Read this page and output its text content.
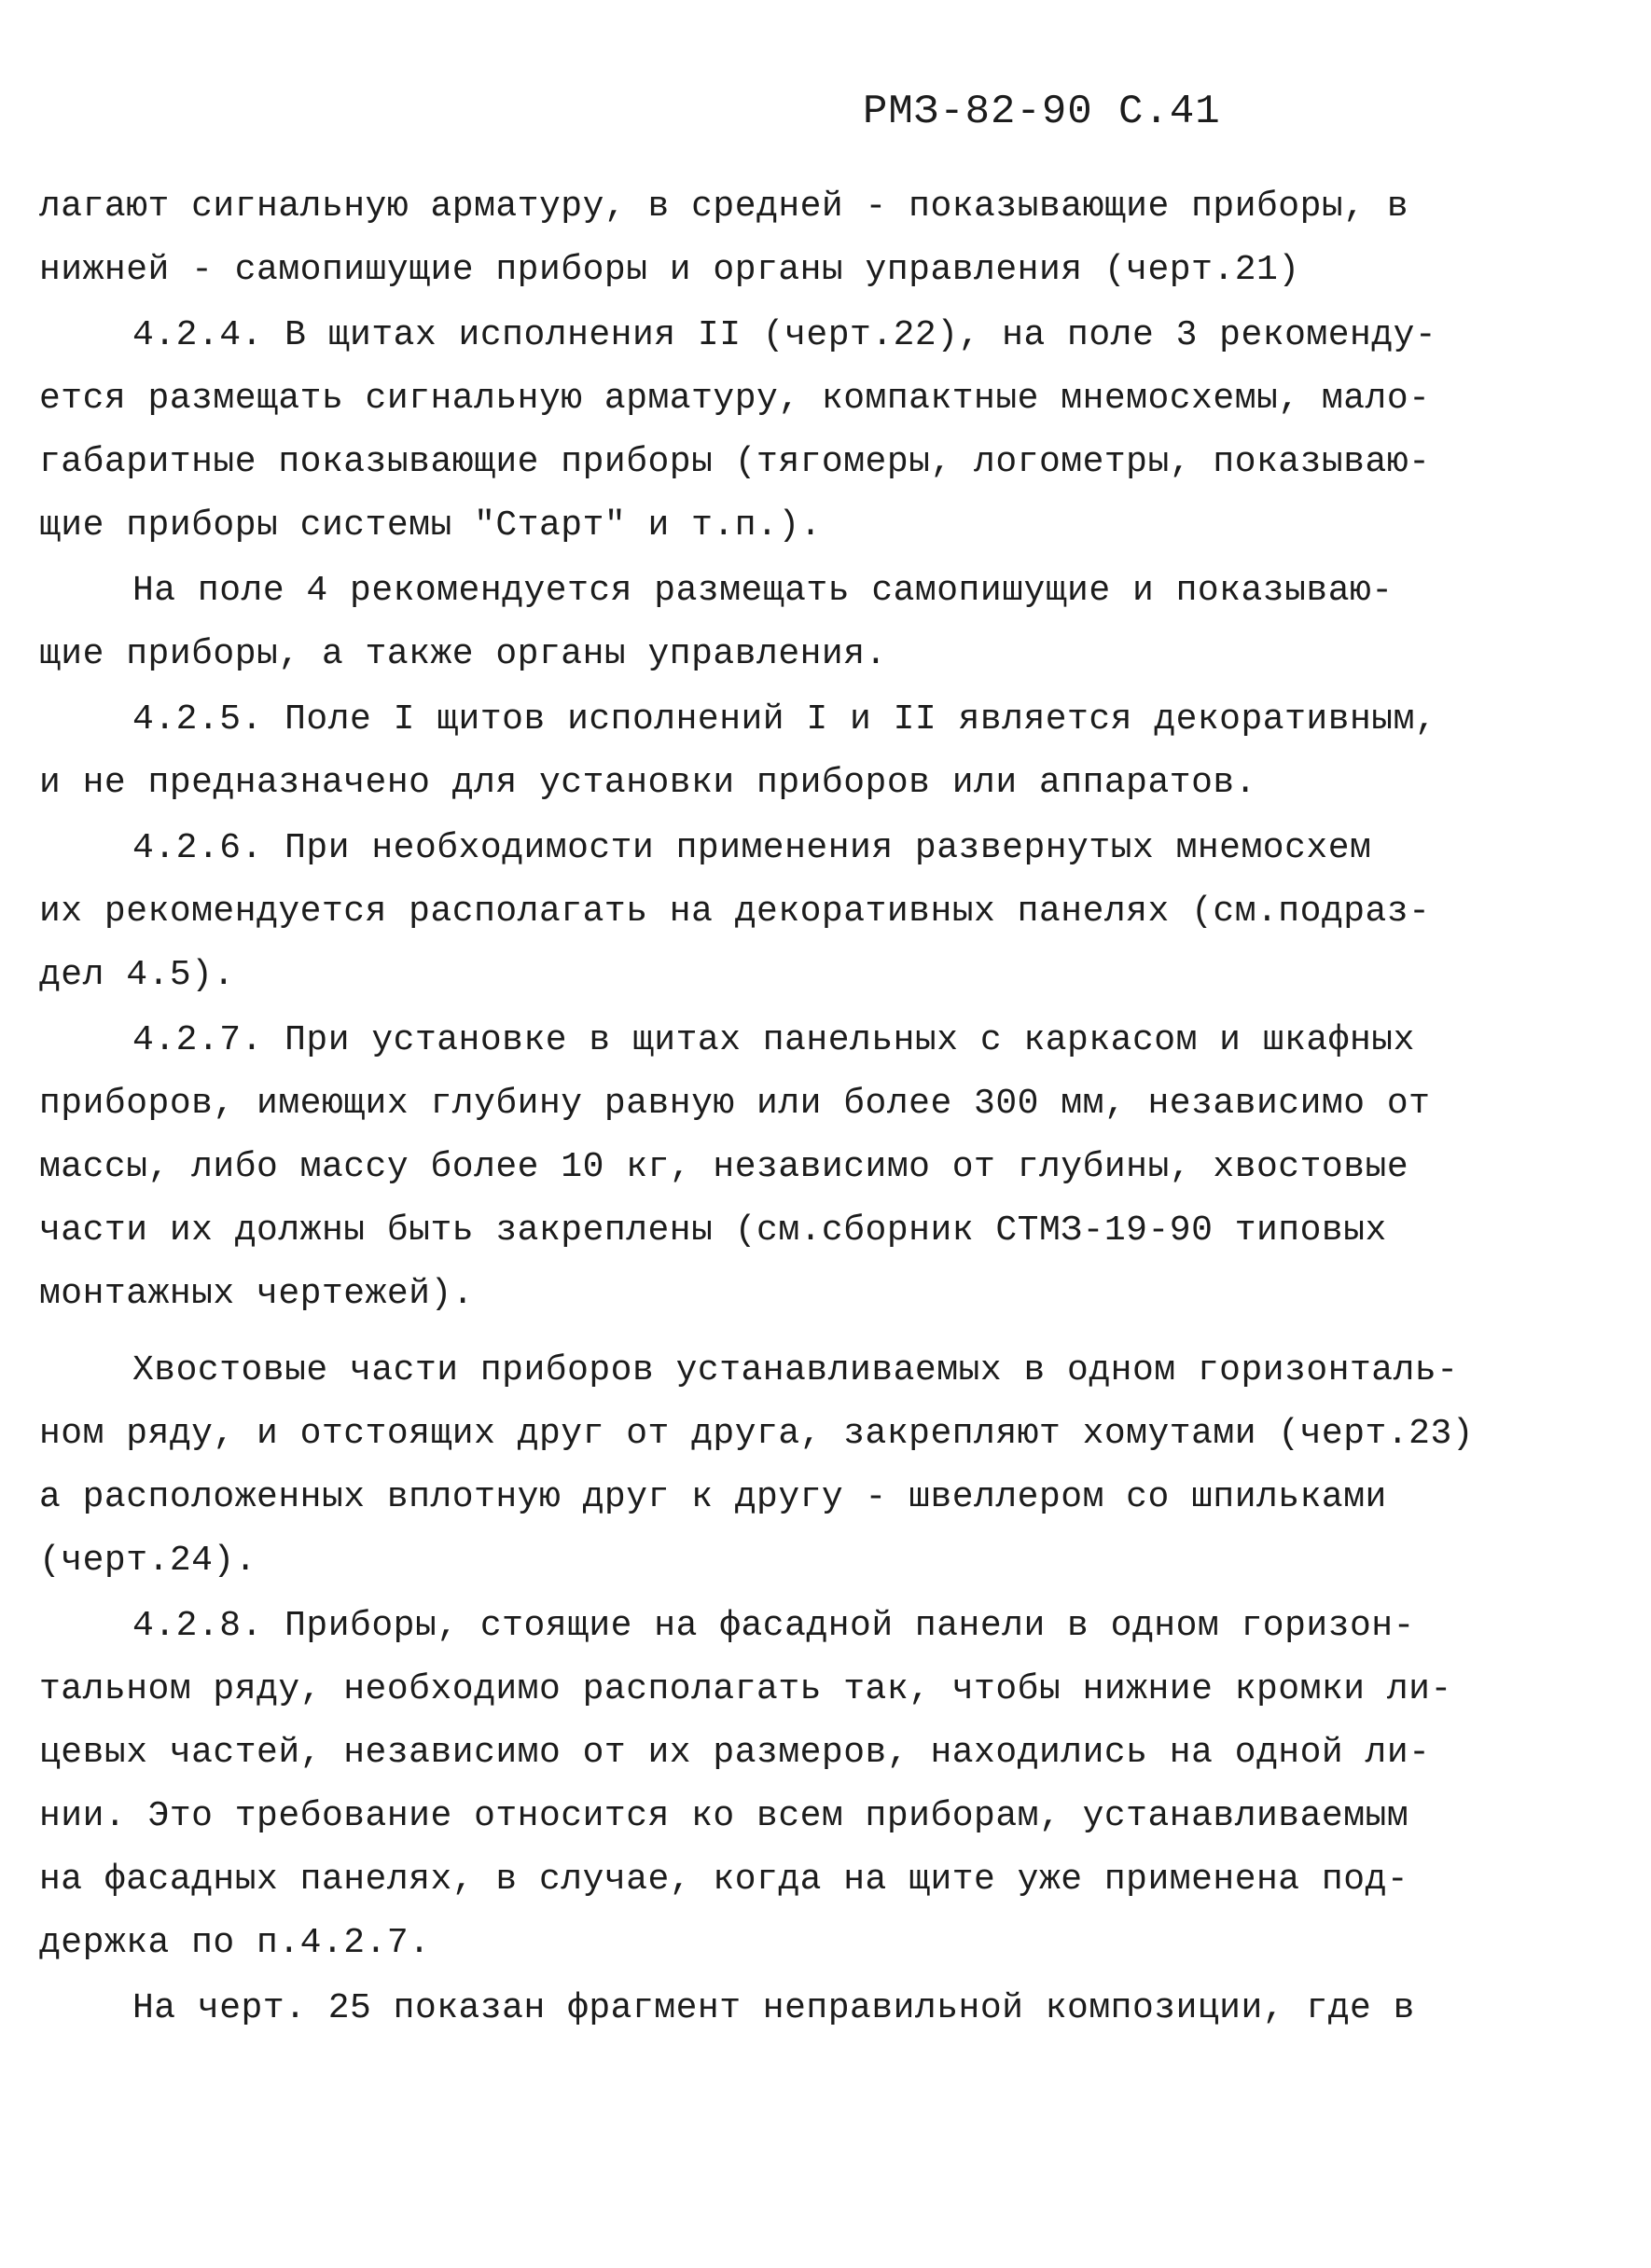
РМЗ-82-90 С.41
лагают сигнальную арматуру, в средней - показывающие приборы, в
нижней - самопишущие приборы и органы управления (черт.21)
4.2.4. В щитах исполнения II (черт.22), на поле 3 рекоменду-
ется размещать сигнальную арматуру, компактные мнемосхемы, мало-
габаритные показывающие приборы (тягомеры, логометры, показываю-
щие приборы системы "Старт" и т.п.).
На поле 4 рекомендуется размещать самопишущие и показываю-
щие приборы, а также органы управления.
4.2.5. Поле I щитов исполнений I и II является декоративным,
и не предназначено для установки приборов или аппаратов.
4.2.6. При необходимости применения развернутых мнемосхем
их рекомендуется располагать на декоративных панелях (см.подраз-
дел 4.5).
4.2.7. При установке в щитах панельных с каркасом и шкафных
приборов, имеющих глубину равную или более 300 мм, независимо от
массы, либо массу более 10 кг, независимо от глубины, хвостовые
части их должны быть закреплены (см.сборник СТМЗ-19-90 типовых
монтажных чертежей).
Хвостовые части приборов устанавливаемых в одном горизонталь-
ном ряду, и отстоящих друг от друга, закрепляют хомутами (черт.23)
а расположенных вплотную друг к другу - швеллером со шпильками
(черт.24).
4.2.8. Приборы, стоящие на фасадной панели в одном горизон-
тальном ряду, необходимо располагать так, чтобы нижние кромки ли-
цевых частей, независимо от их размеров, находились на одной ли-
нии. Это требование относится ко всем приборам, устанавливаемым
на фасадных панелях, в случае, когда на щите уже применена под-
держка по п.4.2.7.
На черт. 25 показан фрагмент неправильной композиции, где в
